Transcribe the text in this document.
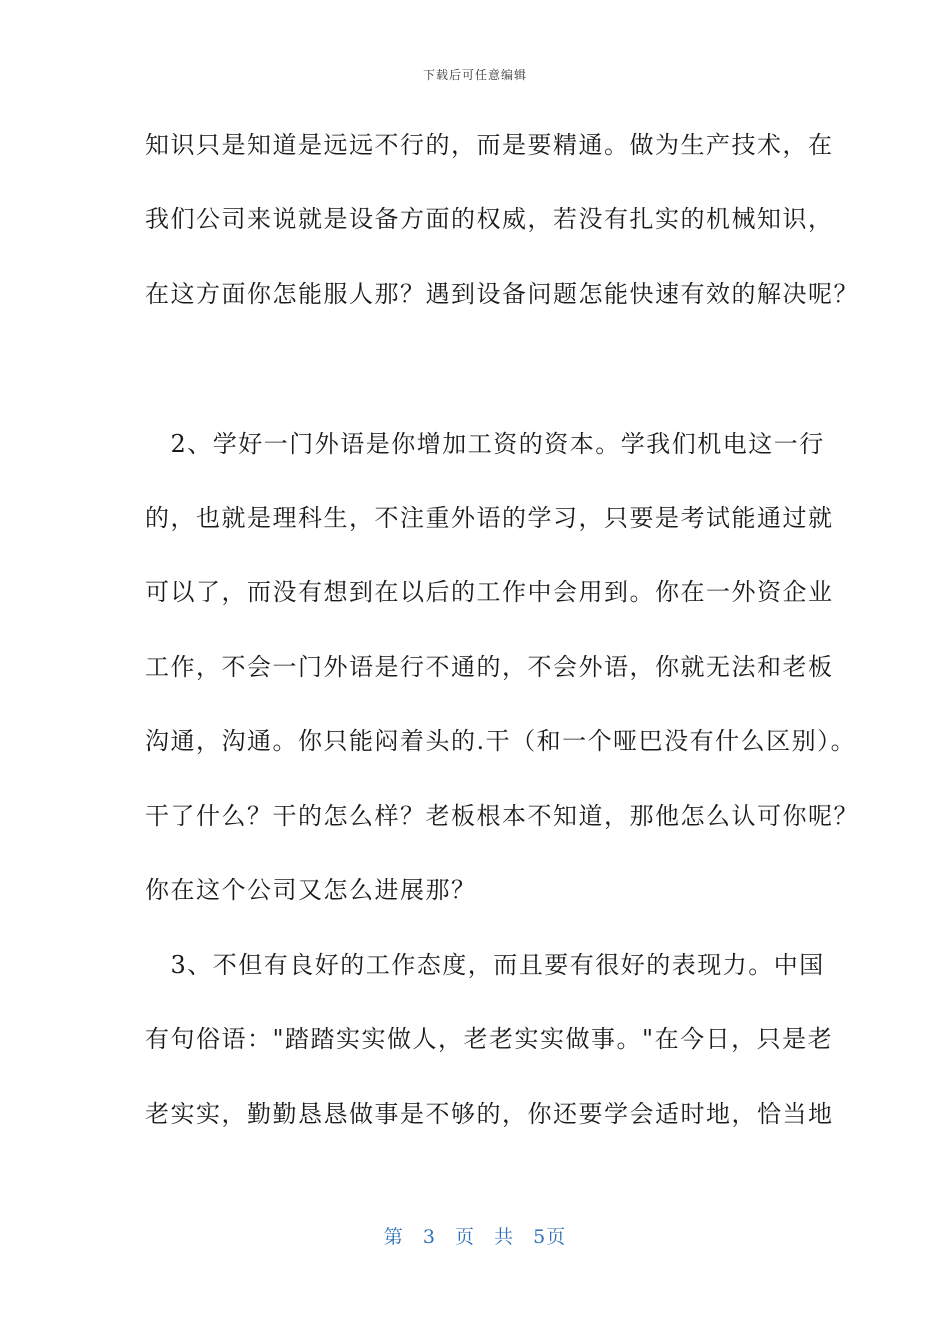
下载后可任意编辑
知识只是知道是远远不行的，而是要精通。做为生产技术，在
我们公司来说就是设备方面的权威，若没有扎实的机械知识，
在这方面你怎能服人那？遇到设备问题怎能快速有效的解决呢？
　2、学好一门外语是你增加工资的资本。学我们机电这一行
的，也就是理科生，不注重外语的学习，只要是考试能通过就
可以了，而没有想到在以后的工作中会用到。你在一外资企业
工作，不会一门外语是行不通的，不会外语，你就无法和老板
沟通，沟通。你只能闷着头的.干（和一个哑巴没有什么区别）。
干了什么？干的怎么样？老板根本不知道，那他怎么认可你呢？
你在这个公司又怎么进展那？
　3、不但有良好的工作态度，而且要有很好的表现力。中国
有句俗语："踏踏实实做人，老老实实做事。"在今日，只是老
老实实，勤勤恳恳做事是不够的，你还要学会适时地，恰当地
第 3 页 共 5页
